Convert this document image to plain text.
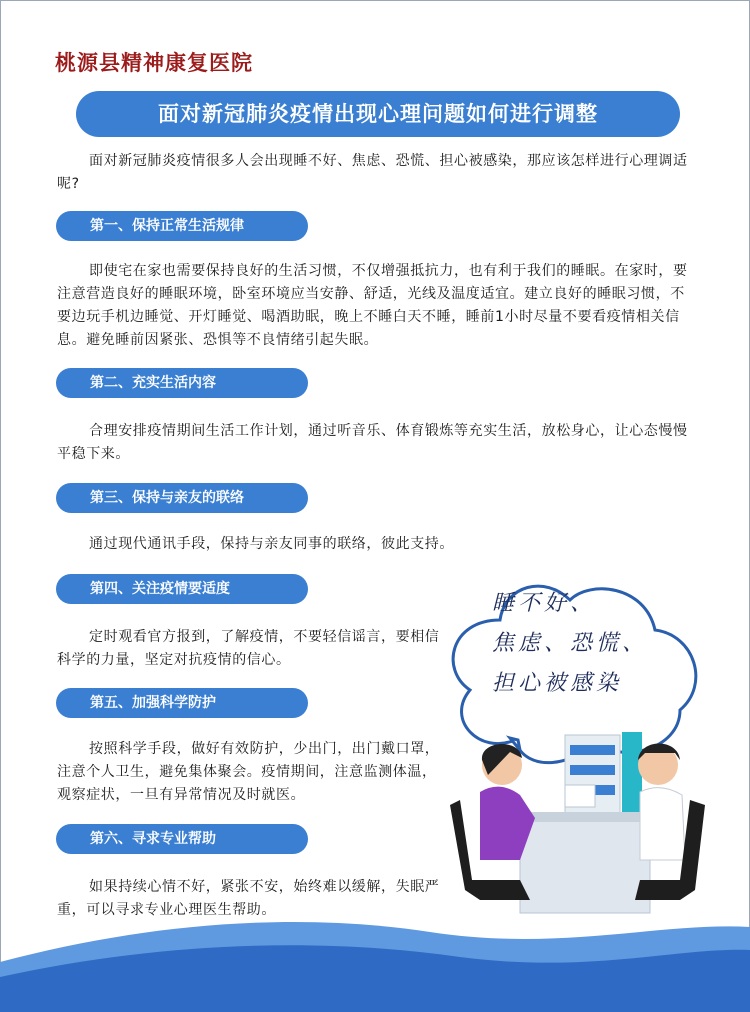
桃源县精神康复医院
面对新冠肺炎疫情出现心理问题如何进行调整
面对新冠肺炎疫情很多人会出现睡不好、焦虑、恐慌、担心被感染，那应该怎样进行心理调适呢?
第一、保持正常生活规律
即使宅在家也需要保持良好的生活习惯，不仅增强抵抗力，也有利于我们的睡眠。在家时，要注意营造良好的睡眠环境，卧室环境应当安静、舒适，光线及温度适宜。建立良好的睡眠习惯，不要边玩手机边睡觉、开灯睡觉、喝酒助眠，晚上不睡白天不睡，睡前1小时尽量不要看疫情相关信息。避免睡前因紧张、恐惧等不良情绪引起失眠。
第二、充实生活内容
合理安排疫情期间生活工作计划，通过听音乐、体育锻炼等充实生活，放松身心，让心态慢慢平稳下来。
第三、保持与亲友的联络
通过现代通讯手段，保持与亲友同事的联络，彼此支持。
第四、关注疫情要适度
定时观看官方报到，了解疫情，不要轻信谣言，要相信科学的力量，坚定对抗疫情的信心。
第五、加强科学防护
按照科学手段，做好有效防护，少出门，出门戴口罩，注意个人卫生，避免集体聚会。疫情期间，注意监测体温，观察症状，一旦有异常情况及时就医。
第六、寻求专业帮助
如果持续心情不好，紧张不安，始终难以缓解，失眠严重，可以寻求专业心理医生帮助。
睡不好、
焦虑、恐慌、
担心被感染
